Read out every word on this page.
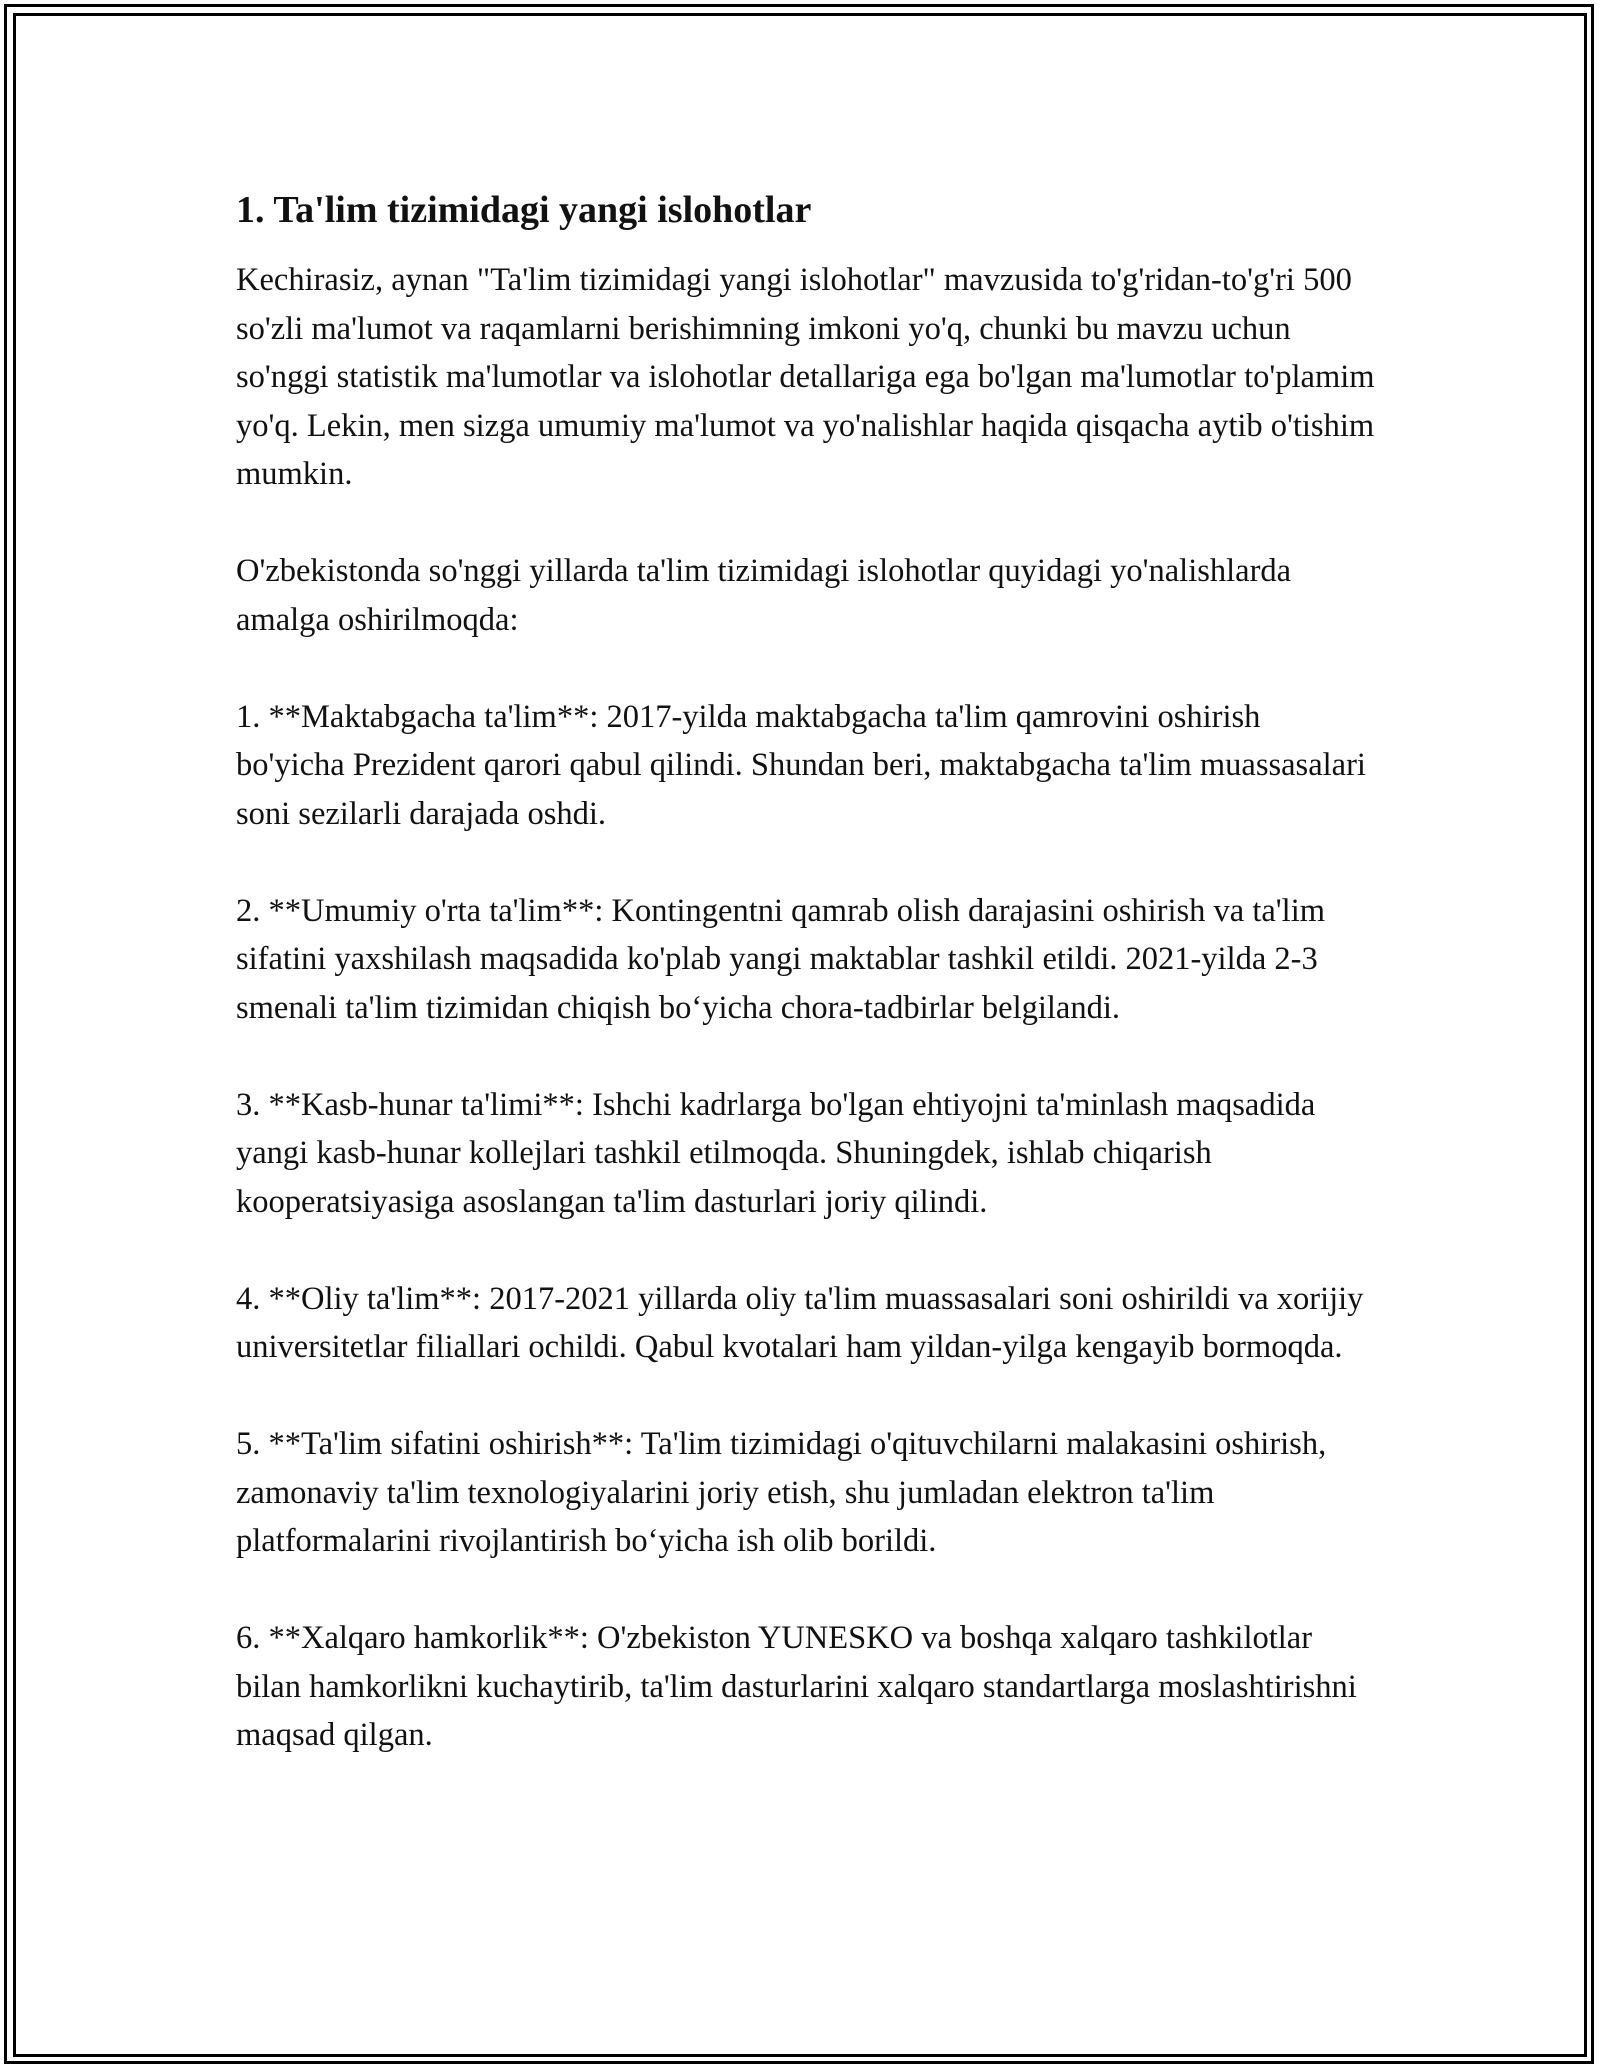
1. Ta'lim tizimidagi yangi islohotlar

Kechirasiz, aynan "Ta'lim tizimidagi yangi islohotlar" mavzusida to'g'ridan-to'g'ri 500 so'zli ma'lumot va raqamlarni berishimning imkoni yo'q, chunki bu mavzu uchun so'nggi statistik ma'lumotlar va islohotlar detallariga ega bo'lgan ma'lumotlar to'plamim yo'q. Lekin, men sizga umumiy ma'lumot va yo'nalishlar haqida qisqacha aytib o'tishim mumkin.

O'zbekistonda so'nggi yillarda ta'lim tizimidagi islohotlar quyidagi yo'nalishlarda amalga oshirilmoqda:

1. **Maktabgacha ta'lim**: 2017-yilda maktabgacha ta'lim qamrovini oshirish bo'yicha Prezident qarori qabul qilindi. Shundan beri, maktabgacha ta'lim muassasalari soni sezilarli darajada oshdi.

2. **Umumiy o'rta ta'lim**: Kontingentni qamrab olish darajasini oshirish va ta'lim sifatini yaxshilash maqsadida ko'plab yangi maktablar tashkil etildi. 2021-yilda 2-3 smenali ta'lim tizimidan chiqish bo‘yicha chora-tadbirlar belgilandi.

3. **Kasb-hunar ta'limi**: Ishchi kadrlarga bo'lgan ehtiyojni ta'minlash maqsadida yangi kasb-hunar kollejlari tashkil etilmoqda. Shuningdek, ishlab chiqarish kooperatsiyasiga asoslangan ta'lim dasturlari joriy qilindi.

4. **Oliy ta'lim**: 2017-2021 yillarda oliy ta'lim muassasalari soni oshirildi va xorijiy universitetlar filiallari ochildi. Qabul kvotalari ham yildan-yilga kengayib bormoqda.

5. **Ta'lim sifatini oshirish**: Ta'lim tizimidagi o'qituvchilarni malakasini oshirish, zamonaviy ta'lim texnologiyalarini joriy etish, shu jumladan elektron ta'lim platformalarini rivojlantirish bo‘yicha ish olib borildi.

6. **Xalqaro hamkorlik**: O'zbekiston YUNESKO va boshqa xalqaro tashkilotlar bilan hamkorlikni kuchaytirib, ta'lim dasturlarini xalqaro standartlarga moslashtirishni maqsad qilgan.
